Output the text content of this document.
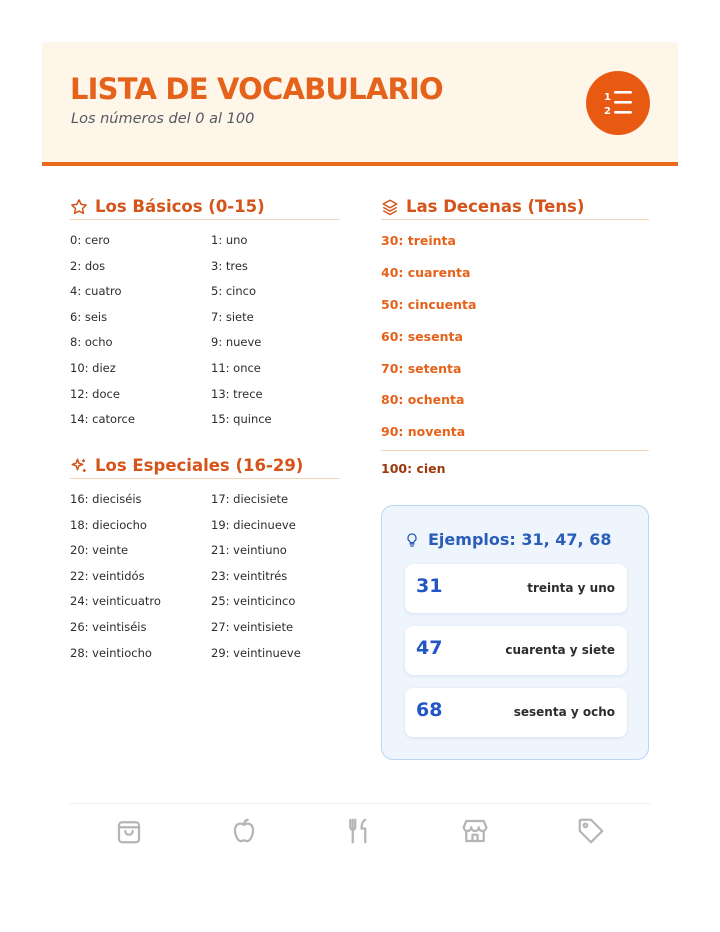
LISTA DE VOCABULARIO
Los números del 0 al 100
1
2
Los Básicos (0-15)
0: cero	1: uno
2: dos	3: tres
4: cuatro	5: cinco
6: seis	7: siete
8: ocho	9: nueve
10: diez	11: once
12: doce	13: trece
14: catorce	15: quince
Los Especiales (16-29)
16: dieciséis	17: diecisiete
18: dieciocho	19: diecinueve
20: veinte	21: veintiuno
22: veintidós	23: veintitrés
24: veinticuatro	25: veinticinco
26: veintiséis	27: veintisiete
28: veintiocho	29: veintinueve
Las Decenas (Tens)
30: treinta
40: cuarenta
50: cincuenta
60: sesenta
70: setenta
80: ochenta
90: noventa
100: cien
Ejemplos: 31, 47, 68
31	treinta y uno
47	cuarenta y siete
68	sesenta y ocho
